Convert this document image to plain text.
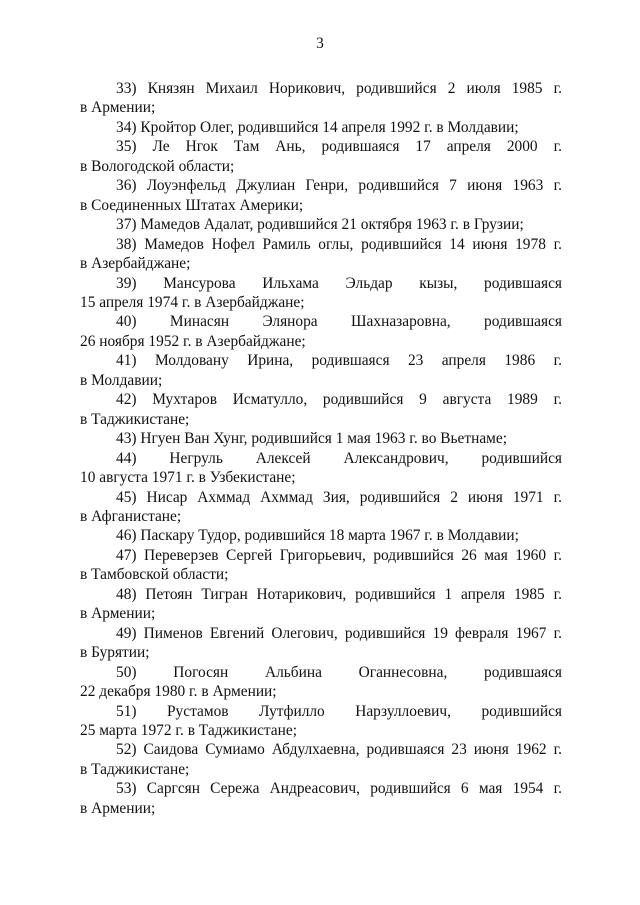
3

33) Князян Михаил Норикович, родившийся 2 июля 1985 г.

в Армении;

34) Кройтор Олег, родившийся 14 апреля 1992 г. в Молдавии;

35) Ле Нгок Там Ань, родившаяся 17 апреля 2000 г.

в Вологодской области;

36) Лоуэнфельд Джулиан Генри, родившийся 7 июня 1963 г.

в Соединенных Штатах Америки;

37) Мамедов Адалат, родившийся 21 октября 1963 г. в Грузии;

38) Мамедов Нофел Рамиль оглы, родившийся 14 июня 1978 г.

в Азербайджане;

39) Мансурова Ильхама Эльдар кызы, родившаяся

15 апреля 1974 г. в Азербайджане;

40) Минасян Элянора Шахназаровна, родившаяся

26 ноября 1952 г. в Азербайджане;

41) Молдовану Ирина, родившаяся 23 апреля 1986 г.

в Молдавии;

42) Мухтаров Исматулло, родившийся 9 августа 1989 г.

в Таджикистане;

43) Нгуен Ван Хунг, родившийся 1 мая 1963 г. во Вьетнаме;

44) Негруль Алексей Александрович, родившийся

10 августа 1971 г. в Узбекистане;

45) Нисар Ахммад Ахммад Зия, родившийся 2 июня 1971 г.

в Афганистане;

46) Паскару Тудор, родившийся 18 марта 1967 г. в Молдавии;

47) Переверзев Сергей Григорьевич, родившийся 26 мая 1960 г.

в Тамбовской области;

48) Петоян Тигран Нотарикович, родившийся 1 апреля 1985 г.

в Армении;

49) Пименов Евгений Олегович, родившийся 19 февраля 1967 г.

в Бурятии;

50) Погосян Альбина Оганнесовна, родившаяся

22 декабря 1980 г. в Армении;

51) Рустамов Лутфилло Нарзуллоевич, родившийся

25 марта 1972 г. в Таджикистане;

52) Саидова Сумиамо Абдулхаевна, родившаяся 23 июня 1962 г.

в Таджикистане;

53) Саргсян Сережа Андреасович, родившийся 6 мая 1954 г.

в Армении;
